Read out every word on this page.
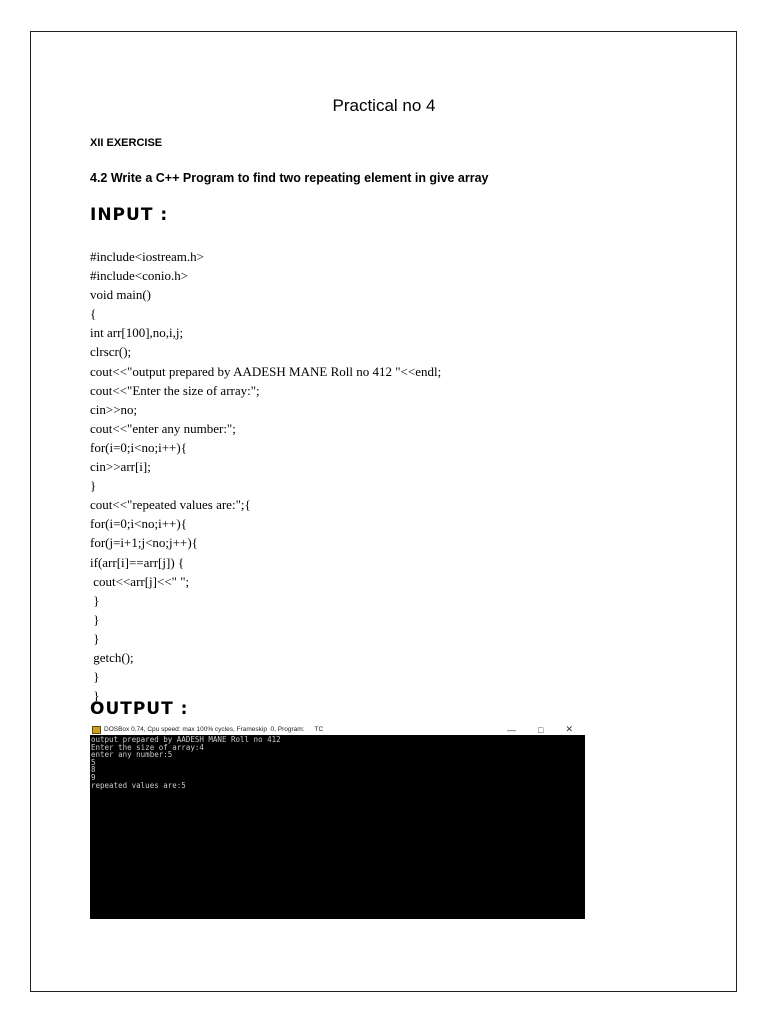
Practical no 4
XII EXERCISE
4.2 Write a C++ Program to find two repeating element in give array
INPUT :
#include<iostream.h>
#include<conio.h>
void main()
{
int arr[100],no,i,j;
clrscr();
cout<<"output prepared by AADESH MANE Roll no 412 "<<endl;
cout<<"Enter the size of array:";
cin>>no;
cout<<"enter any number:";
for(i=0;i<no;i++){
cin>>arr[i];
}
cout<<"repeated values are:";{
for(i=0;i<no;i++){
for(j=i+1;j<no;j++){
if(arr[i]==arr[j]) {
cout<<arr[j]<<" ";
}
}
}
getch();
}
}
OUTPUT :
DOSBox 0.74, Cpu speed: max 100% cycles, Frameskip  0, Program: TC	— □ ✕
output prepared by AADESH MANE Roll no 412
Enter the size of array:4
enter any number:5
5
8
9
repeated values are:5
